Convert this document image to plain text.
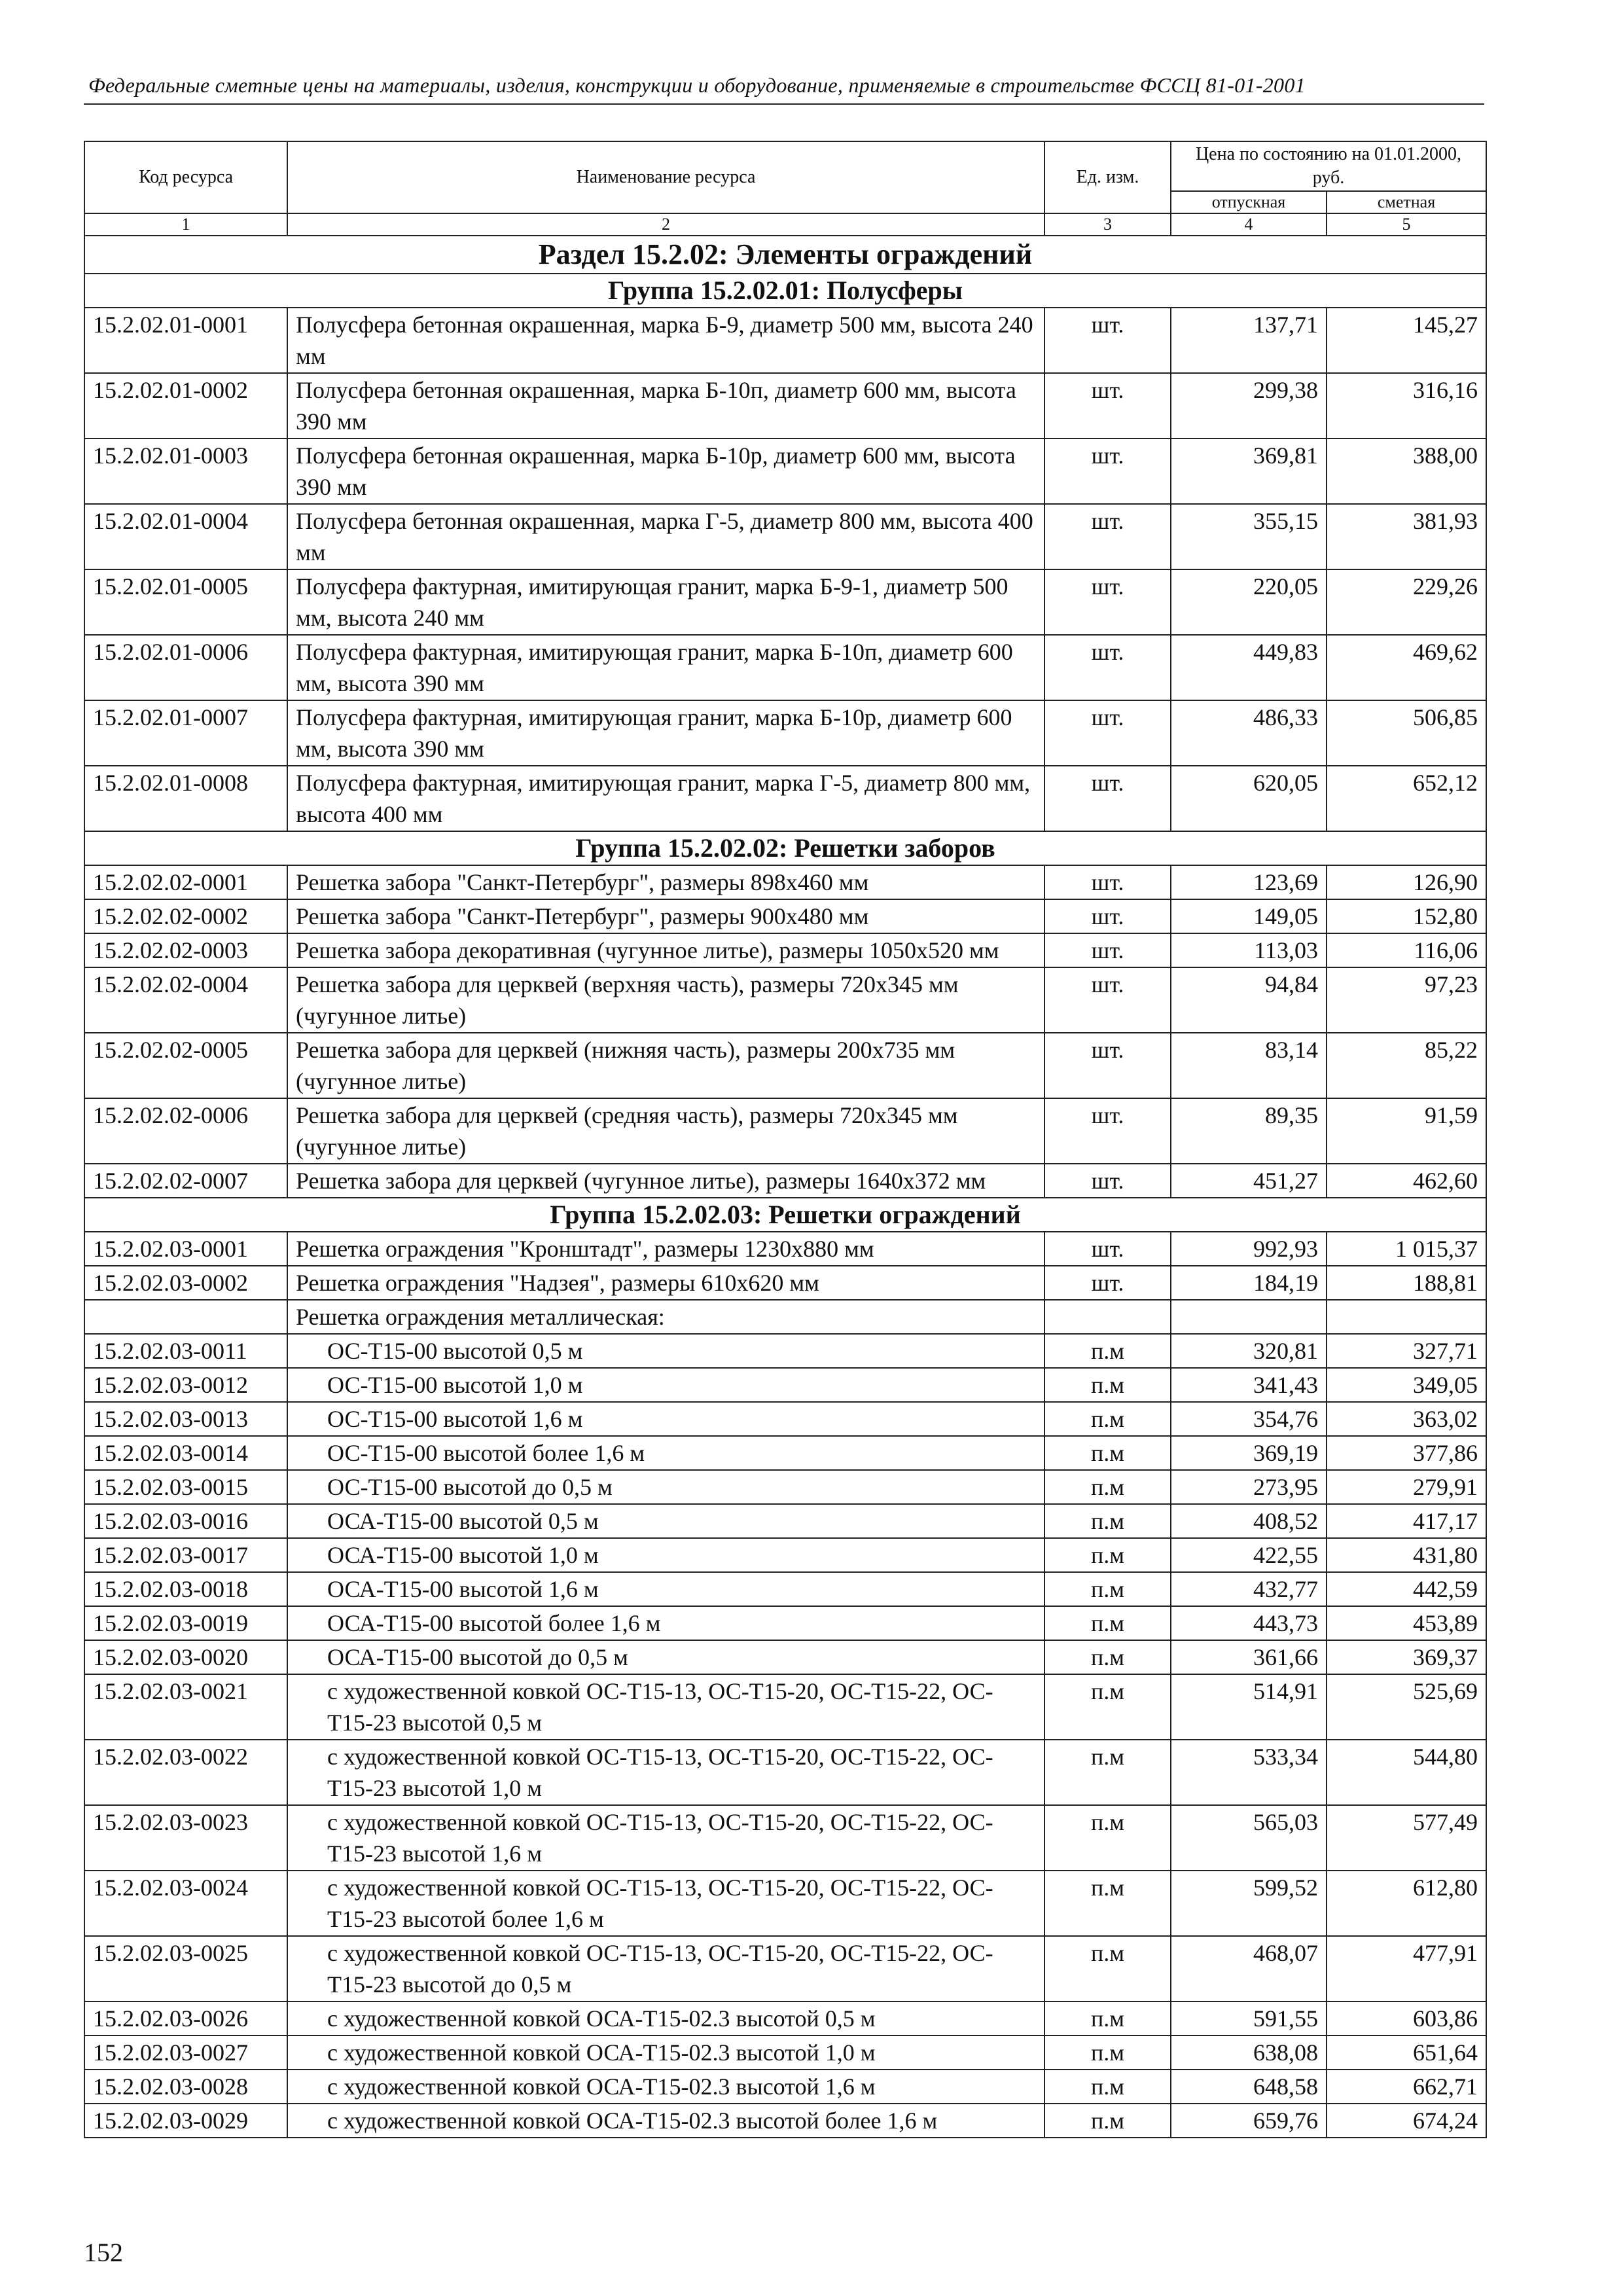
Федеральные сметные цены на материалы, изделия, конструкции и оборудование, применяемые в строительстве ФССЦ 81-01-2001
Код ресурса	Наименование ресурса	Ед. изм.	Цена по состоянию на 01.01.2000, руб.	
			отпускная	сметная
1	2	3	4	5
Раздел 15.2.02: Элементы ограждений				
Группа 15.2.02.01: Полусферы				
15.2.02.01-0001	Полусфера бетонная окрашенная, марка Б-9, диаметр 500 мм, высота 240 мм	шт.	137,71	145,27
15.2.02.01-0002	Полусфера бетонная окрашенная, марка Б-10п, диаметр 600 мм, высота 390 мм	шт.	299,38	316,16
15.2.02.01-0003	Полусфера бетонная окрашенная, марка Б-10р, диаметр 600 мм, высота 390 мм	шт.	369,81	388,00
15.2.02.01-0004	Полусфера бетонная окрашенная, марка Г-5, диаметр 800 мм, высота 400 мм	шт.	355,15	381,93
15.2.02.01-0005	Полусфера фактурная, имитирующая гранит, марка Б-9-1, диаметр 500 мм, высота 240 мм	шт.	220,05	229,26
15.2.02.01-0006	Полусфера фактурная, имитирующая гранит, марка Б-10п, диаметр 600 мм, высота 390 мм	шт.	449,83	469,62
15.2.02.01-0007	Полусфера фактурная, имитирующая гранит, марка Б-10р, диаметр 600 мм, высота 390 мм	шт.	486,33	506,85
15.2.02.01-0008	Полусфера фактурная, имитирующая гранит, марка Г-5, диаметр 800 мм, высота 400 мм	шт.	620,05	652,12
Группа 15.2.02.02: Решетки заборов				
15.2.02.02-0001	Решетка забора "Санкт-Петербург", размеры 898х460 мм	шт.	123,69	126,90
15.2.02.02-0002	Решетка забора "Санкт-Петербург", размеры 900х480 мм	шт.	149,05	152,80
15.2.02.02-0003	Решетка забора декоративная (чугунное литье), размеры 1050х520 мм	шт.	113,03	116,06
15.2.02.02-0004	Решетка забора для церквей (верхняя часть), размеры 720х345 мм (чугунное литье)	шт.	94,84	97,23
15.2.02.02-0005	Решетка забора для церквей (нижняя часть), размеры 200х735 мм (чугунное литье)	шт.	83,14	85,22
15.2.02.02-0006	Решетка забора для церквей (средняя часть), размеры 720х345 мм (чугунное литье)	шт.	89,35	91,59
15.2.02.02-0007	Решетка забора для церквей (чугунное литье), размеры 1640х372 мм	шт.	451,27	462,60
Группа 15.2.02.03: Решетки ограждений				
15.2.02.03-0001	Решетка ограждения "Кронштадт", размеры 1230х880 мм	шт.	992,93	1 015,37
15.2.02.03-0002	Решетка ограждения "Надзея", размеры 610х620 мм	шт.	184,19	188,81
	Решетка ограждения металлическая:			
15.2.02.03-0011	ОС-Т15-00 высотой 0,5 м	п.м	320,81	327,71
15.2.02.03-0012	ОС-Т15-00 высотой 1,0 м	п.м	341,43	349,05
15.2.02.03-0013	ОС-Т15-00 высотой 1,6 м	п.м	354,76	363,02
15.2.02.03-0014	ОС-Т15-00 высотой более 1,6 м	п.м	369,19	377,86
15.2.02.03-0015	ОС-Т15-00 высотой до 0,5 м	п.м	273,95	279,91
15.2.02.03-0016	ОСА-Т15-00 высотой 0,5 м	п.м	408,52	417,17
15.2.02.03-0017	ОСА-Т15-00 высотой 1,0 м	п.м	422,55	431,80
15.2.02.03-0018	ОСА-Т15-00 высотой 1,6 м	п.м	432,77	442,59
15.2.02.03-0019	ОСА-Т15-00 высотой более 1,6 м	п.м	443,73	453,89
15.2.02.03-0020	ОСА-Т15-00 высотой до 0,5 м	п.м	361,66	369,37
15.2.02.03-0021	с художественной ковкой ОС-Т15-13, ОС-Т15-20, ОС-Т15-22, ОС-Т15-23 высотой 0,5 м	п.м	514,91	525,69
15.2.02.03-0022	с художественной ковкой ОС-Т15-13, ОС-Т15-20, ОС-Т15-22, ОС-Т15-23 высотой 1,0 м	п.м	533,34	544,80
15.2.02.03-0023	с художественной ковкой ОС-Т15-13, ОС-Т15-20, ОС-Т15-22, ОС-Т15-23 высотой 1,6 м	п.м	565,03	577,49
15.2.02.03-0024	с художественной ковкой ОС-Т15-13, ОС-Т15-20, ОС-Т15-22, ОС-Т15-23 высотой более 1,6 м	п.м	599,52	612,80
15.2.02.03-0025	с художественной ковкой ОС-Т15-13, ОС-Т15-20, ОС-Т15-22, ОС-Т15-23 высотой до 0,5 м	п.м	468,07	477,91
15.2.02.03-0026	с художественной ковкой ОСА-Т15-02.3 высотой 0,5 м	п.м	591,55	603,86
15.2.02.03-0027	с художественной ковкой ОСА-Т15-02.3 высотой 1,0 м	п.м	638,08	651,64
15.2.02.03-0028	с художественной ковкой ОСА-Т15-02.3 высотой 1,6 м	п.м	648,58	662,71
15.2.02.03-0029	с художественной ковкой ОСА-Т15-02.3 высотой более 1,6 м	п.м	659,76	674,24
152
